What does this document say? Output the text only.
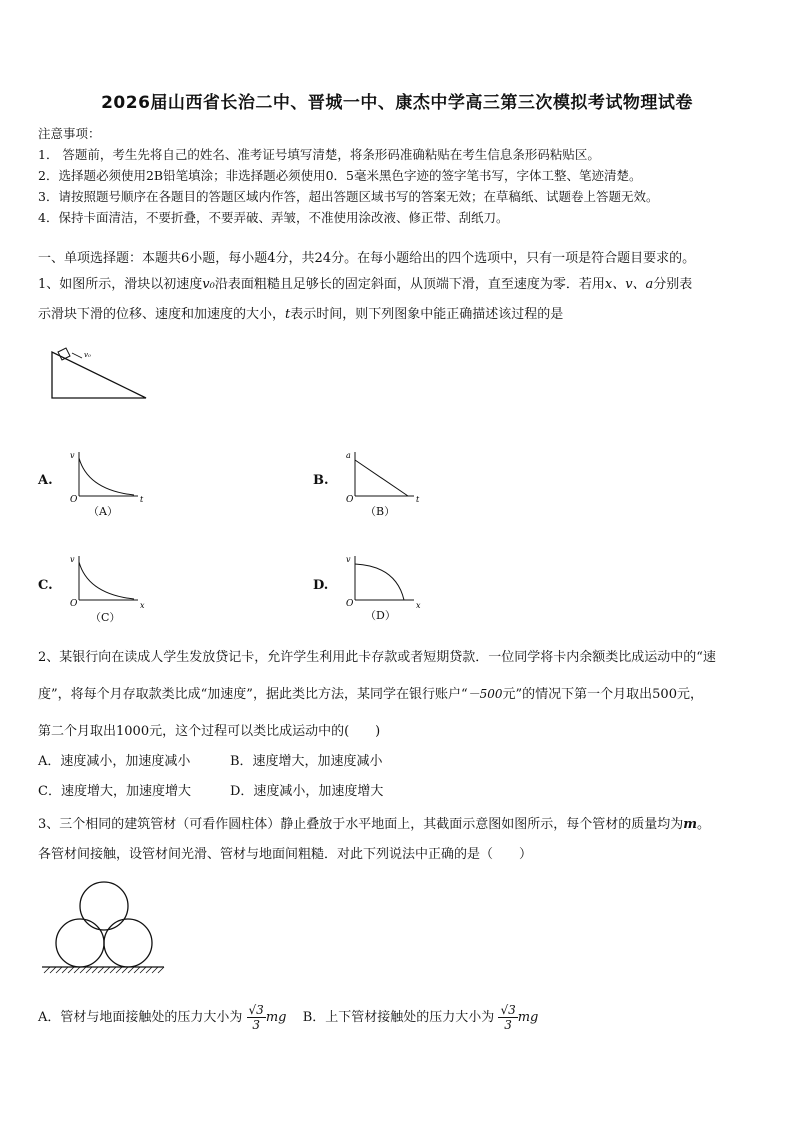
2026届山西省长治二中、晋城一中、康杰中学高三第三次模拟考试物理试卷
注意事项：
1． 答题前，考生先将自己的姓名、准考证号填写清楚，将条形码准确粘贴在考生信息条形码粘贴区。
2．选择题必须使用2B铅笔填涂；非选择题必须使用0．5毫米黑色字迹的签字笔书写，字体工整、笔迹清楚。
3．请按照题号顺序在各题目的答题区域内作答，超出答题区域书写的答案无效；在草稿纸、试题卷上答题无效。
4．保持卡面清洁，不要折叠，不要弄破、弄皱，不准使用涂改液、修正带、刮纸刀。
一、单项选择题：本题共6小题，每小题4分，共24分。在每小题给出的四个选项中，只有一项是符合题目要求的。
1、如图所示，滑块以初速度v₀沿表面粗糙且足够长的固定斜面，从顶端下滑，直至速度为零．若用x、v、a分别表
示滑块下滑的位移、速度和加速度的大小，t表示时间，则下列图象中能正确描述该过程的是
v₀
A.
v
t
O
（A）
B.
a
t
O
（B）
C.
v
x
O
（C）
D.
v
x
O
（D）
2、某银行向在读成人学生发放贷记卡，允许学生利用此卡存款或者短期贷款．一位同学将卡内余额类比成运动中的“速
度”，将每个月存取款类比成“加速度”，据此类比方法，某同学在银行账户“－500元”的情况下第一个月取出500元，
第二个月取出1000元，这个过程可以类比成运动中的(　　)
A．速度减小，加速度减小	B．速度增大，加速度减小
C．速度增大，加速度增大	D．速度减小，加速度增大
3、三个相同的建筑管材（可看作圆柱体）静止叠放于水平地面上，其截面示意图如图所示，每个管材的质量均为m。
各管材间接触，设管材间光滑、管材与地面间粗糙．对此下列说法中正确的是（　　）
A．管材与地面接触处的压力大小为 $\frac{√3}{3}$ mg B．上下管材接触处的压力大小为 $\frac{√3}{3}$ mg
